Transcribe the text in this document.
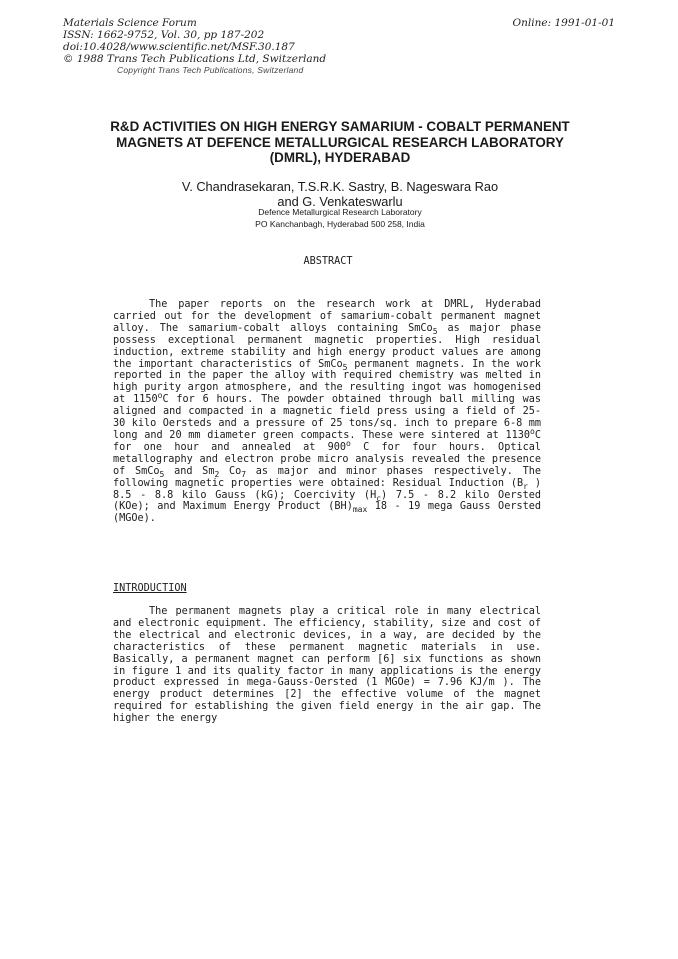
Materials Science Forum
ISSN: 1662-9752, Vol. 30, pp 187-202
doi:10.4028/www.scientific.net/MSF.30.187
© 1988 Trans Tech Publications Ltd, Switzerland
Online: 1991-01-01
Copyright Trans Tech Publications, Switzerland
R&D ACTIVITIES ON HIGH ENERGY SAMARIUM - COBALT PERMANENT
MAGNETS AT DEFENCE METALLURGICAL RESEARCH LABORATORY
(DMRL), HYDERABAD
V. Chandrasekaran, T.S.R.K. Sastry, B. Nageswara Rao
and G. Venkateswarlu
Defence Metallurgical Research Laboratory
PO Kanchanbagh, Hyderabad 500 258, India
ABSTRACT

The paper reports on the research work at DMRL, Hyderabad carried out for the development of samarium-cobalt permanent magnet alloy. The samarium-cobalt alloys containing SmCo$_5$ as major phase possess exceptional permanent magnetic properties. High residual induction, extreme stability and high energy product values are among the important characteristics of SmCo$_5$ permanent magnets. In the work reported in the paper the alloy with required chemistry was melted in high purity argon atmosphere, and the resulting ingot was homogenised at 1150$^o$C for 6 hours. The powder obtained through ball milling was aligned and compacted in a magnetic field press using a field of 25-30 kilo Oersteds and a pressure of 25 tons/sq. inch to prepare 6-8 mm long and 20 mm diameter green compacts. These were sintered at 1130$^o$C for one hour and annealed at 900$^o$ C for four hours. Optical metallography and electron probe micro analysis revealed the presence of SmCo$_5$ and $Sm_2$ $Co_7$ as major and minor phases respectively. The following magnetic properties were obtained: Residual Induction ($B_r$ ) 8.5 - 8.8 kilo Gauss (kG); Coercivity $(H_c)$ 7.5 - 8.2 kilo Oersted (KOe); and Maximum Energy Product $(BH)_{max}$ 18 - 19 mega Gauss Oersted (MGOe).

INTRODUCTION

The permanent magnets play a critical role in many electrical and electronic equipment. The efficiency, stability, size and cost of the electrical and electronic devices, in a way, are decided by the characteristics of these permanent magnetic materials in use. Basically, a permanent magnet can perform [6] six functions as shown in figure 1 and its quality factor in many applications is the energy product expressed in mega-Gauss-Oersted (1 MGOe) = 7.96 KJ/m ). The energy product determines [2] the effective volume of the magnet required for establishing the given field energy in the air gap. The higher the energy
